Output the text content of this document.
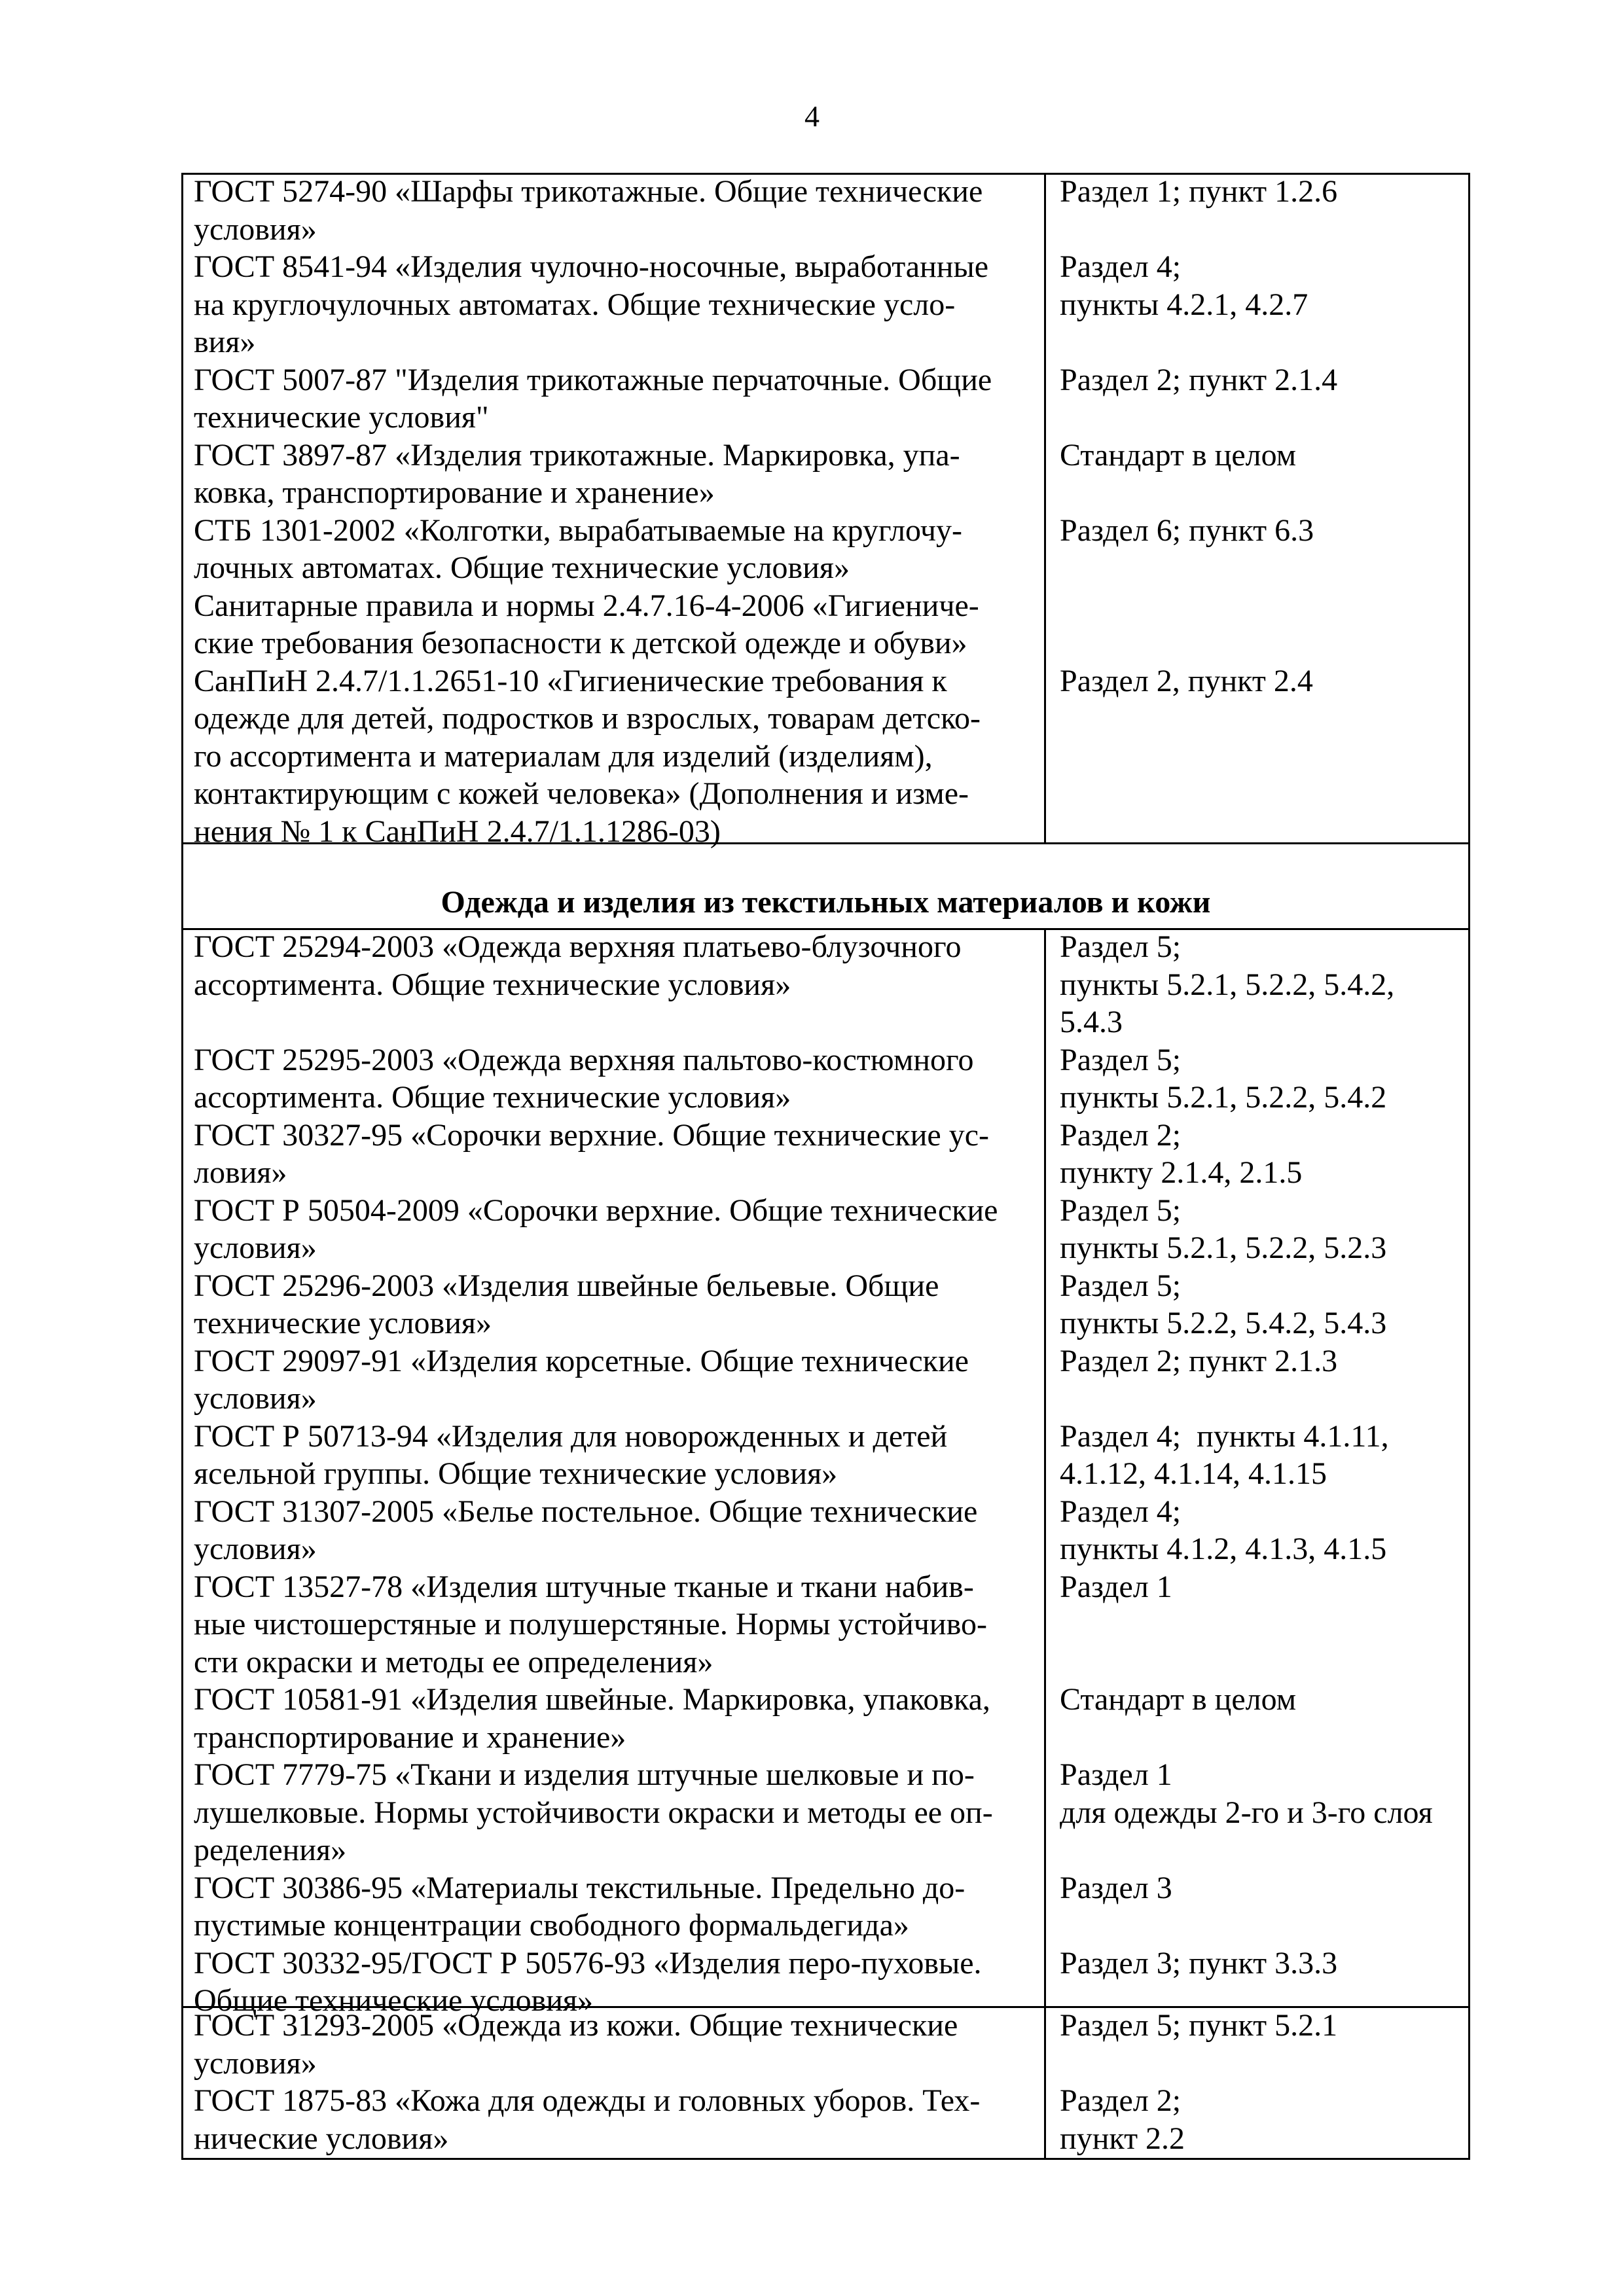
4
ГОСТ 5274-90 «Шарфы трикотажные. Общие технические
условия»
ГОСТ 8541-94 «Изделия чулочно-носочные, выработанные
на круглочулочных автоматах. Общие технические усло-
вия»
ГОСТ 5007-87 "Изделия трикотажные перчаточные. Общие
технические условия"
ГОСТ 3897-87 «Изделия трикотажные. Маркировка, упа-
ковка, транспортирование и хранение»
СТБ 1301-2002 «Колготки, вырабатываемые на круглочу-
лочных автоматах. Общие технические условия»
Санитарные правила и нормы 2.4.7.16-4-2006 «Гигиениче-
ские требования безопасности к детской одежде и обуви»
СанПиН 2.4.7/1.1.2651-10 «Гигиенические требования к
одежде для детей, подростков и взрослых, товарам детско-
го ассортимента и материалам для изделий (изделиям),
контактирующим с кожей человека» (Дополнения и изме-
нения № 1 к СанПиН 2.4.7/1.1.1286-03)
Раздел 1; пункт 1.2.6
Раздел 4;
пункты 4.2.1, 4.2.7
Раздел 2; пункт 2.1.4
Стандарт в целом
Раздел 6; пункт 6.3
Раздел 2, пункт 2.4
Одежда и изделия из текстильных материалов и кожи
ГОСТ 25294-2003 «Одежда верхняя платьево-блузочного
ассортимента. Общие технические условия»
ГОСТ 25295-2003 «Одежда верхняя пальтово-костюмного
ассортимента. Общие технические условия»
ГОСТ 30327-95 «Сорочки верхние. Общие технические ус-
ловия»
ГОСТ Р 50504-2009 «Сорочки верхние. Общие технические
условия»
ГОСТ 25296-2003 «Изделия швейные бельевые. Общие
технические условия»
ГОСТ 29097-91 «Изделия корсетные. Общие технические
условия»
ГОСТ Р 50713-94 «Изделия для новорожденных и детей
ясельной группы. Общие технические условия»
ГОСТ 31307-2005 «Белье постельное. Общие технические
условия»
ГОСТ 13527-78 «Изделия штучные тканые и ткани набив-
ные чистошерстяные и полушерстяные. Нормы устойчиво-
сти окраски и методы ее определения»
ГОСТ 10581-91 «Изделия швейные. Маркировка, упаковка,
транспортирование и хранение»
ГОСТ 7779-75 «Ткани и изделия штучные шелковые и по-
лушелковые. Нормы устойчивости окраски и методы ее оп-
ределения»
ГОСТ 30386-95 «Материалы текстильные. Предельно до-
пустимые концентрации свободного формальдегида»
ГОСТ 30332-95/ГОСТ Р 50576-93 «Изделия перо-пуховые.
Общие технические условия»
Раздел 5;
пункты 5.2.1, 5.2.2, 5.4.2,
5.4.3
Раздел 5;
пункты 5.2.1, 5.2.2, 5.4.2
Раздел 2;
пункту 2.1.4, 2.1.5
Раздел 5;
пункты 5.2.1, 5.2.2, 5.2.3
Раздел 5;
пункты 5.2.2, 5.4.2, 5.4.3
Раздел 2; пункт 2.1.3
Раздел 4;  пункты 4.1.11,
4.1.12, 4.1.14, 4.1.15
Раздел 4;
пункты 4.1.2, 4.1.3, 4.1.5
Раздел 1
Стандарт в целом
Раздел 1
для одежды 2-го и 3-го слоя
Раздел 3
Раздел 3; пункт 3.3.3
ГОСТ 31293-2005 «Одежда из кожи. Общие технические
условия»
ГОСТ 1875-83 «Кожа для одежды и головных уборов. Тех-
нические условия»
Раздел 5; пункт 5.2.1
Раздел 2;
пункт 2.2
